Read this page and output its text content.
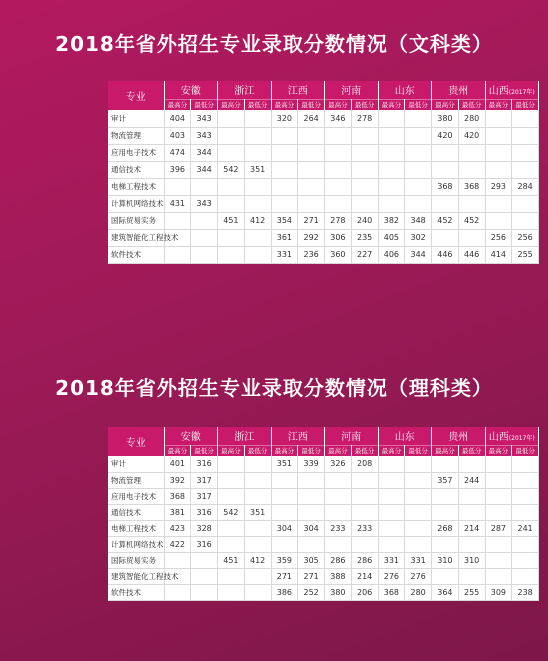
2018年省外招生专业录取分数情况（文科类）
专业	安徽		浙江		江西		河南		山东		贵州		山西(2017年)	
	最高分	最低分	最高分	最低分	最高分	最低分	最高分	最低分	最高分	最低分	最高分	最低分	最高分	最低分
审计	404	343			320	264	346	278			380	280		
物流管理	403	343									420	420		
应用电子技术	474	344												
通信技术	396	344	542	351										
电梯工程技术											368	368	293	284
计算机网络技术	431	343												
国际贸易实务			451	412	354	271	278	240	382	348	452	452		
建筑智能化工程技术					361	292	306	235	405	302			256	256
软件技术					331	236	360	227	406	344	446	446	414	255
2018年省外招生专业录取分数情况（理科类）
专业	安徽		浙江		江西		河南		山东		贵州		山西(2017年)	
	最高分	最低分	最高分	最低分	最高分	最低分	最高分	最低分	最高分	最低分	最高分	最低分	最高分	最低分
审计	401	316			351	339	326	208						
物流管理	392	317									357	244		
应用电子技术	368	317												
通信技术	381	316	542	351										
电梯工程技术	423	328			304	304	233	233			268	214	287	241
计算机网络技术	422	316												
国际贸易实务			451	412	359	305	286	286	331	331	310	310		
建筑智能化工程技术					271	271	388	214	276	276				
软件技术					386	252	380	206	368	280	364	255	309	238
